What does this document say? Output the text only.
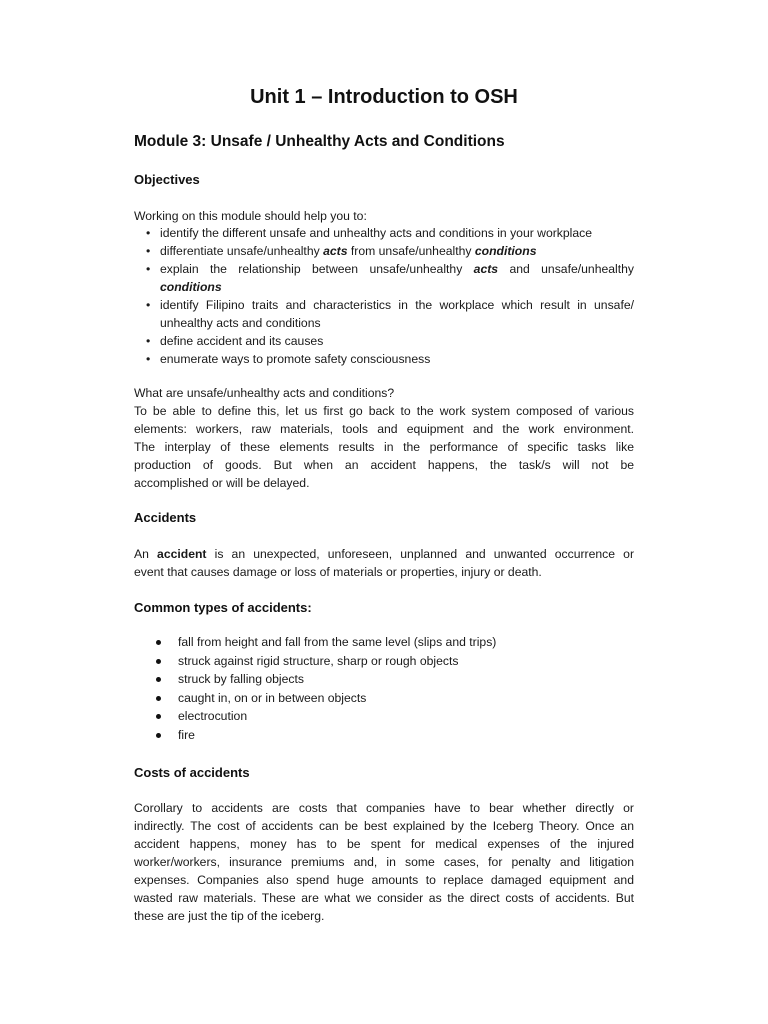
Unit 1 – Introduction to OSH
Module 3: Unsafe / Unhealthy Acts and Conditions
Objectives
Working on this module should help you to:
• identify the different unsafe and unhealthy acts and conditions in your workplace
• differentiate unsafe/unhealthy acts from unsafe/unhealthy conditions
• explain the relationship between unsafe/unhealthy acts and unsafe/unhealthy
conditions
• identify Filipino traits and characteristics in the workplace which result in unsafe/
unhealthy acts and conditions
• define accident and its causes
• enumerate ways to promote safety consciousness
What are unsafe/unhealthy acts and conditions?
To be able to define this, let us first go back to the work system composed of various
elements: workers, raw materials, tools and equipment and the work environment.
The interplay of these elements results in the performance of specific tasks like
production of goods. But when an accident happens, the task/s will not be
accomplished or will be delayed.
Accidents
An accident is an unexpected, unforeseen, unplanned and unwanted occurrence or
event that causes damage or loss of materials or properties, injury or death.
Common types of accidents:
fall from height and fall from the same level (slips and trips)
struck against rigid structure, sharp or rough objects
struck by falling objects
caught in, on or in between objects
electrocution
fire
Costs of accidents
Corollary to accidents are costs that companies have to bear whether directly or
indirectly. The cost of accidents can be best explained by the Iceberg Theory. Once an
accident happens, money has to be spent for medical expenses of the injured
worker/workers, insurance premiums and, in some cases, for penalty and litigation
expenses. Companies also spend huge amounts to replace damaged equipment and
wasted raw materials. These are what we consider as the direct costs of accidents. But
these are just the tip of the iceberg.
